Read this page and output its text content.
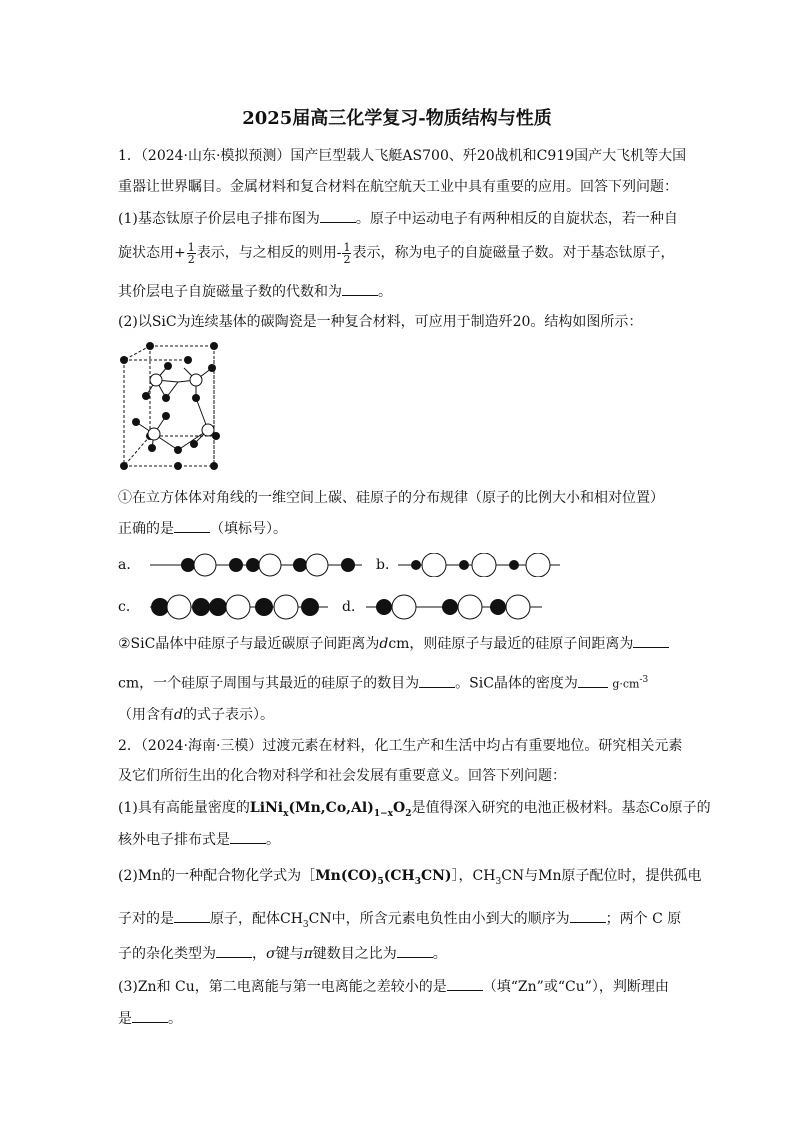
2025届高三化学复习-物质结构与性质
1．（2024·山东·模拟预测）国产巨型载人飞艇AS700、歼20战机和C919国产大飞机等大国
重器让世界瞩目。金属材料和复合材料在航空航天工业中具有重要的应用。回答下列问题：
(1)基态钛原子价层电子排布图为	。原子中运动电子有两种相反的自旋状态，若一种自
旋状态用+ $\frac{1}{2}$ 表示，与之相反的则用- $\frac{1}{2}$ 表示，称为电子的自旋磁量子数。对于基态钛原子，
其价层电子自旋磁量子数的代数和为	。
(2)以SiC为连续基体的碳陶瓷是一种复合材料，可应用于制造歼20。结构如图所示：
①在立方体体对角线的一维空间上碳、硅原子的分布规律（原子的比例大小和相对位置）
正确的是	（填标号）。
a．	b．
c．	d．
②SiC晶体中硅原子与最近碳原子间距离为dcm，则硅原子与最近的硅原子间距离为
cm，一个硅原子周围与其最近的硅原子的数目为	。SiC晶体的密度为	$g\cdot cm^{-3}$
（用含有d的式子表示）。
2．（2024·海南·三模）过渡元素在材料，化工生产和生活中均占有重要地位。研究相关元素
及它们所衍生出的化合物对科学和社会发展有重要意义。回答下列问题：
(1)具有高能量密度的$LiNi_x(Mn,Co,Al)_{1-x}O_2$是值得深入研究的电池正极材料。基态Co原子的
核外电子排布式是	。
(2)Mn的一种配合物化学式为$[Mn(CO)_5(CH_3CN)]$，$CH_3CN$与Mn原子配位时，提供孤电
子对的是	原子，配体$CH_3CN$中，所含元素电负性由小到大的顺序为	；两个 C 原
子的杂化类型为	，σ键与π键数目之比为	。
(3)Zn和 Cu，第二电离能与第一电离能之差较小的是	（填“Zn”或“Cu”），判断理由
是	。
